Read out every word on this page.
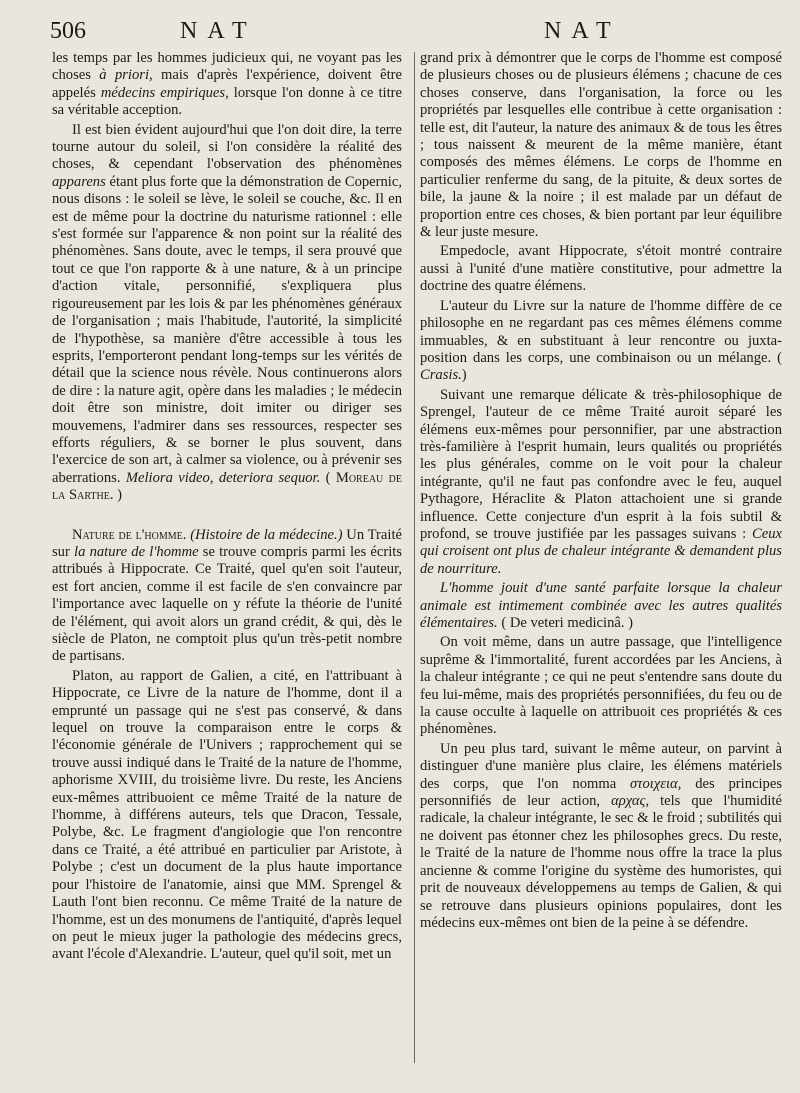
506	NAT	NAT

les temps par les hommes judicieux qui, ne voyant pas les choses à priori, mais d'après l'expérience, doivent être appelés médecins empiriques, lorsque l'on donne à ce titre sa véritable acception.

Il est bien évident aujourd'hui que l'on doit dire, la terre tourne autour du soleil, si l'on considère la réalité des choses, & cependant l'observation des phénomènes apparens étant plus forte que la démonstration de Copernic, nous disons : le soleil se lève, le soleil se couche, &c. Il en est de même pour la doctrine du naturisme rationnel : elle s'est formée sur l'apparence & non point sur la réalité des phénomènes. Sans doute, avec le temps, il sera prouvé que tout ce que l'on rapporte & à une nature, & à un principe d'action vitale, personnifié, s'expliquera plus rigoureusement par les lois & par les phénomènes généraux de l'organisation ; mais l'habitude, l'autorité, la simplicité de l'hypothèse, sa manière d'être accessible à tous les esprits, l'emporteront pendant long-temps sur les vérités de détail que la science nous révèle. Nous continuerons alors de dire : la nature agit, opère dans les maladies ; le médecin doit être son ministre, doit imiter ou diriger ses mouvemens, l'admirer dans ses ressources, respecter ses efforts réguliers, & se borner le plus souvent, dans l'exercice de son art, à calmer sa violence, ou à prévenir ses aberrations. Meliora video, deteriora sequor. ( Moreau de la Sarthe. )

Nature de l'homme. (Histoire de la médecine.) Un Traité sur la nature de l'homme se trouve compris parmi les écrits attribués à Hippocrate. Ce Traité, quel qu'en soit l'auteur, est fort ancien, comme il est facile de s'en convaincre par l'importance avec laquelle on y réfute la théorie de l'unité de l'élément, qui avoit alors un grand crédit, & qui, dès le siècle de Platon, ne comptoit plus qu'un très-petit nombre de partisans.

Platon, au rapport de Galien, a cité, en l'attribuant à Hippocrate, ce Livre de la nature de l'homme, dont il a emprunté un passage qui ne s'est pas conservé, & dans lequel on trouve la comparaison entre le corps & l'économie générale de l'Univers ; rapprochement qui se trouve aussi indiqué dans le Traité de la nature de l'homme, aphorisme XVIII, du troisième livre. Du reste, les Anciens eux-mêmes attribuoient ce même Traité de la nature de l'homme, à différens auteurs, tels que Dracon, Tessale, Polybe, &c. Le fragment d'angiologie que l'on rencontre dans ce Traité, a été attribué en particulier par Aristote, à Polybe ; c'est un document de la plus haute importance pour l'histoire de l'anatomie, ainsi que MM. Sprengel & Lauth l'ont bien reconnu. Ce même Traité de la nature de l'homme, est un des monumens de l'antiquité, d'après lequel on peut le mieux juger la pathologie des médecins grecs, avant l'école d'Alexandrie. L'auteur, quel qu'il soit, met un

grand prix à démontrer que le corps de l'homme est composé de plusieurs choses ou de plusieurs élémens ; chacune de ces choses conserve, dans l'organisation, la force ou les propriétés par lesquelles elle contribue à cette organisation : telle est, dit l'auteur, la nature des animaux & de tous les êtres ; tous naissent & meurent de la même manière, étant composés des mêmes élémens. Le corps de l'homme en particulier renferme du sang, de la pituite, & deux sortes de bile, la jaune & la noire ; il est malade par un défaut de proportion entre ces choses, & bien portant par leur équilibre & leur juste mesure.

Empedocle, avant Hippocrate, s'étoit montré contraire aussi à l'unité d'une matière constitutive, pour admettre la doctrine des quatre élémens.

L'auteur du Livre sur la nature de l'homme diffère de ce philosophe en ne regardant pas ces mêmes élémens comme immuables, & en substituant à leur rencontre ou juxta-position dans les corps, une combinaison ou un mélange. ( Crasis.)

Suivant une remarque délicate & très-philosophique de Sprengel, l'auteur de ce même Traité auroit séparé les élémens eux-mêmes pour personnifier, par une abstraction très-familière à l'esprit humain, leurs qualités ou propriétés les plus générales, comme on le voit pour la chaleur intégrante, qu'il ne faut pas confondre avec le feu, auquel Pythagore, Héraclite & Platon attachoient une si grande influence. Cette conjecture d'un esprit à la fois subtil & profond, se trouve justifiée par les passages suivans : Ceux qui croisent ont plus de chaleur intégrante & demandent plus de nourriture.

L'homme jouit d'une santé parfaite lorsque la chaleur animale est intimement combinée avec les autres qualités élémentaires. ( De veteri medicinâ. )

On voit même, dans un autre passage, que l'intelligence suprême & l'immortalité, furent accordées par les Anciens, à la chaleur intégrante ; ce qui ne peut s'entendre sans doute du feu lui-même, mais des propriétés personnifiées, du feu ou de la cause occulte à laquelle on attribuoit ces propriétés & ces phénomènes.

Un peu plus tard, suivant le même auteur, on parvint à distinguer d'une manière plus claire, les élémens matériels des corps, que l'on nomma στοιχεια, des principes personnifiés de leur action, αρχας, tels que l'humidité radicale, la chaleur intégrante, le sec & le froid ; subtilités qui ne doivent pas étonner chez les philosophes grecs. Du reste, le Traité de la nature de l'homme nous offre la trace la plus ancienne & comme l'origine du système des humoristes, qui prit de nouveaux développemens au temps de Galien, & qui se retrouve dans plusieurs opinions populaires, dont les médecins eux-mêmes ont bien de la peine à se défendre.
